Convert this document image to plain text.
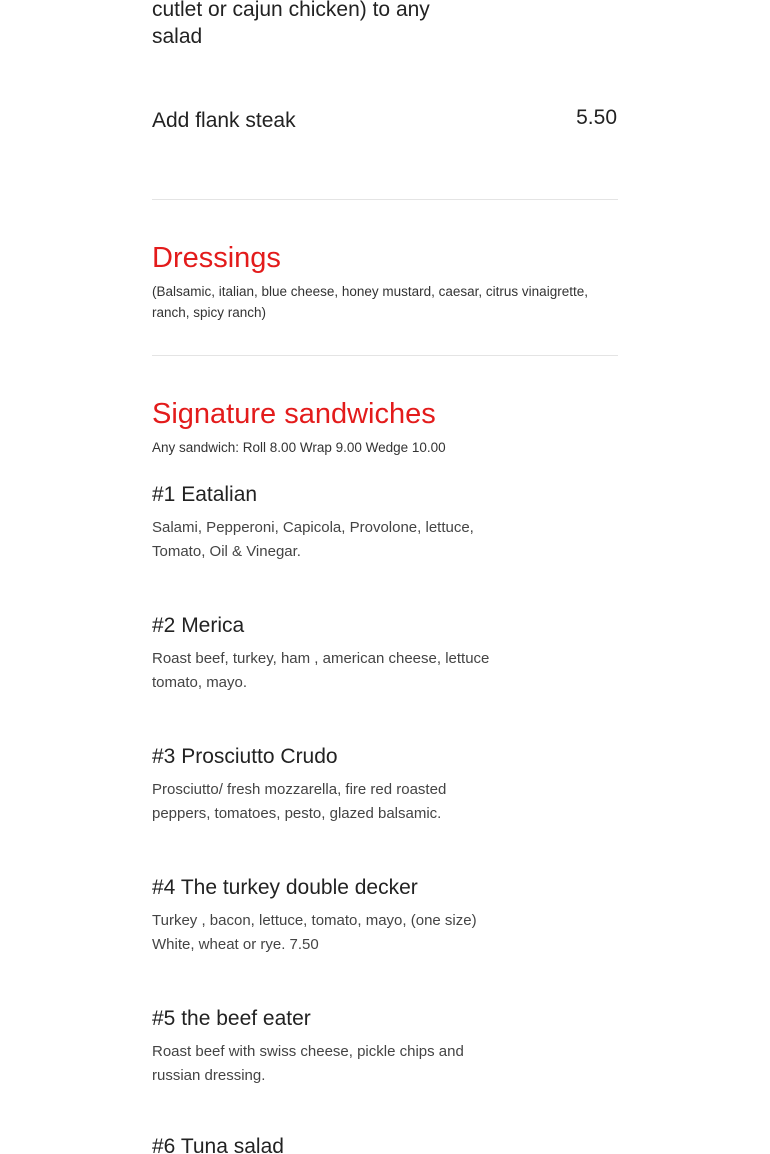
cutlet or cajun chicken) to any salad
Add flank steak	5.50
Dressings
(Balsamic, italian, blue cheese, honey mustard, caesar, citrus vinaigrette, ranch, spicy ranch)
Signature sandwiches
Any sandwich: Roll 8.00 Wrap 9.00 Wedge 10.00
#1 Eatalian
Salami, Pepperoni, Capicola, Provolone, lettuce, Tomato, Oil & Vinegar.
#2 Merica
Roast beef, turkey, ham , american cheese, lettuce tomato, mayo.
#3 Prosciutto Crudo
Prosciutto/ fresh mozzarella, fire red roasted peppers, tomatoes, pesto, glazed balsamic.
#4 The turkey double decker
Turkey , bacon, lettuce, tomato, mayo, (one size) White, wheat or rye. 7.50
#5 the beef eater
Roast beef with swiss cheese, pickle chips and russian dressing.
#6 Tuna salad
